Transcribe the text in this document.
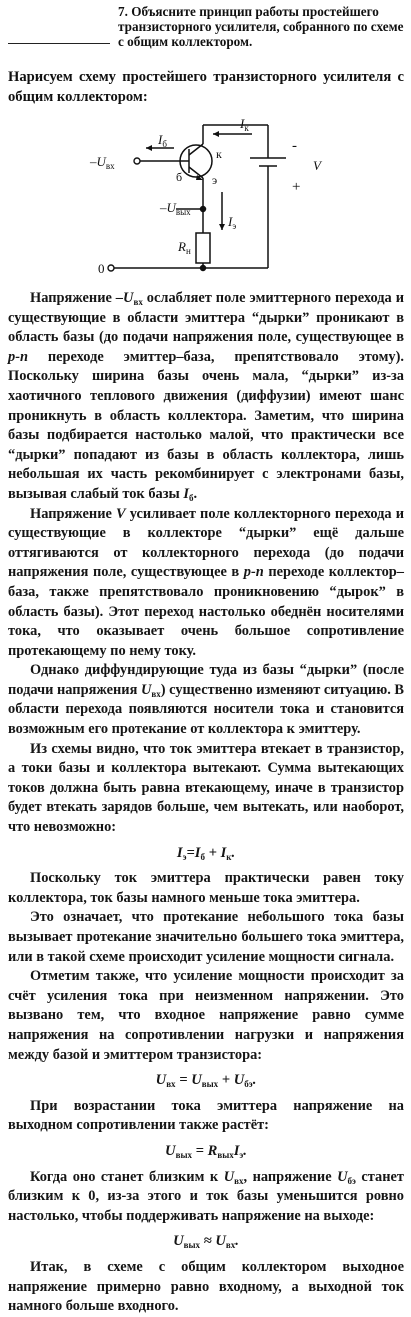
7. Объясните принцип работы простейшего транзисторного усилителя, собранного по схеме с общим коллектором.
Нарисуем схему простейшего транзисторного усилителя с общим коллектором:
$-U_{вх}$
$I_б$
$I_к$
б
к
э
$-U_{вых}$
$I_э$
$R_н$
0
-
+
V

Напряжение $-U_{вх}$ ослабляет поле эмиттерного перехода и существующие в области эмиттера “дырки” проникают в область базы (до подачи напряжения поле, существующее в p-n переходе эмиттер–база, препятствовало этому). Поскольку ширина базы очень мала, “дырки” из-за хаотичного теплового движения (диффузии) имеют шанс проникнуть в область коллектора. Заметим, что ширина базы подбирается настолько малой, что практически все “дырки” попадают из базы в область коллектора, лишь небольшая их часть рекомбинирует с электронами базы, вызывая слабый ток базы $I_б$.

Напряжение V усиливает поле коллекторного перехода и существующие в коллекторе “дырки” ещё дальше оттягиваются от коллекторного перехода (до подачи напряжения поле, существующее в p-n переходе коллектор–база, также препятствовало проникновению “дырок” в область базы). Этот переход настолько обеднён носителями тока, что оказывает очень большое сопротивление протекающему по нему току.

Однако диффундирующие туда из базы “дырки” (после подачи напряжения $U_{вх}$) существенно изменяют ситуацию. В области перехода появляются носители тока и становится возможным его протекание от коллектора к эмиттеру.

Из схемы видно, что ток эмиттера втекает в транзистор, а токи базы и коллектора вытекают. Сумма вытекающих токов должна быть равна втекающему, иначе в транзистор будет втекать зарядов больше, чем вытекать, или наоборот, что невозможно:

$I_э=I_б + I_к$.

Поскольку ток эмиттера практически равен току коллектора, ток базы намного меньше тока эмиттера.

Это означает, что протекание небольшого тока базы вызывает протекание значительно большего тока эмиттера, или в такой схеме происходит усиление мощности сигнала.

Отметим также, что усиление мощности происходит за счёт усиления тока при неизменном напряжении. Это вызвано тем, что входное напряжение равно сумме напряжения на сопротивлении нагрузки и напряжения между базой и эмиттером транзистора:

$U_{вх} = U_{вых} + U_{бэ}$.

При возрастании тока эмиттера напряжение на выходном сопротивлении также растёт:

$U_{вых} = R_{вых}I_э$.

Когда оно станет близким к $U_{вх}$, напряжение $U_{бэ}$ станет близким к 0, из-за этого и ток базы уменьшится ровно настолько, чтобы поддерживать напряжение на выходе:

$U_{вых} \approx U_{вх}$.

Итак, в схеме с общим коллектором выходное напряжение примерно равно входному, а выходной ток намного больше входного.
